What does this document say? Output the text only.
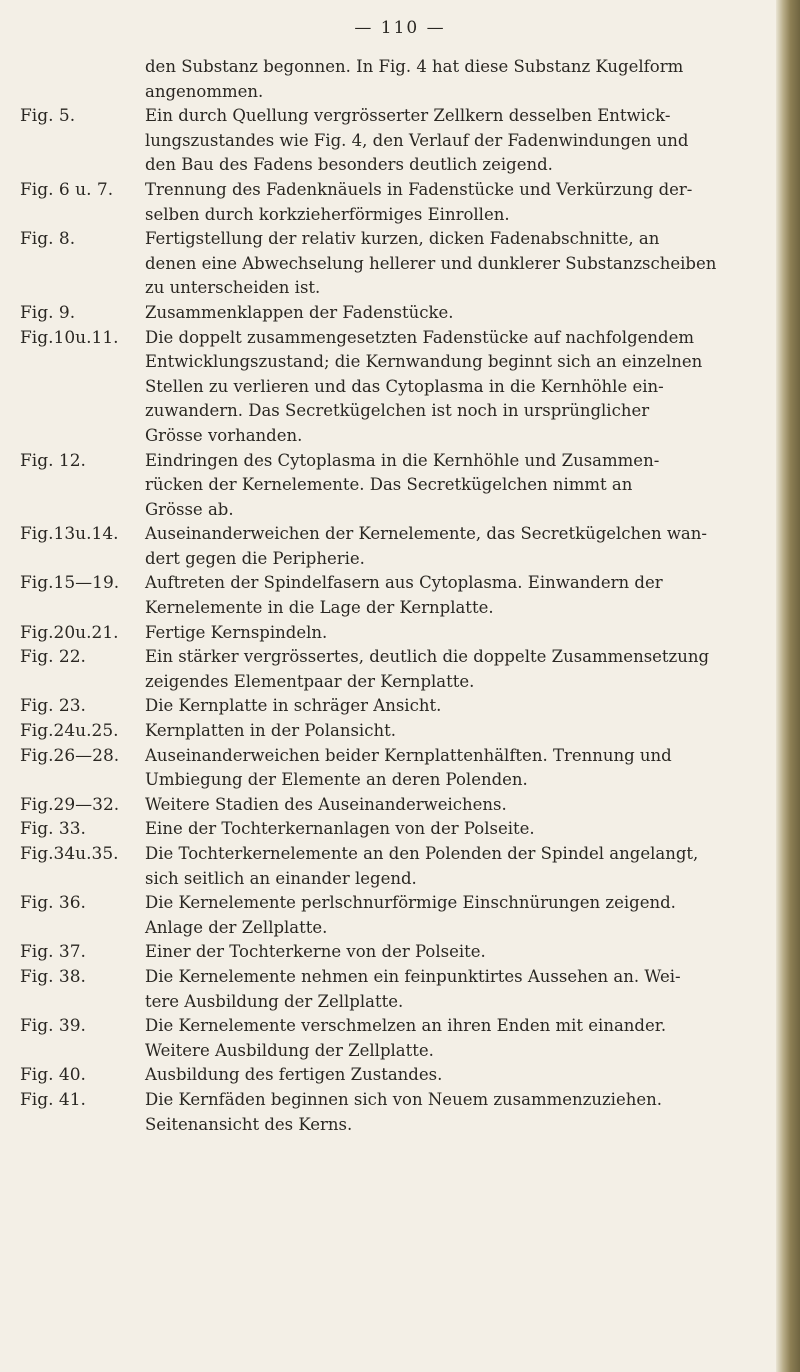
— 110 —
den Substanz begonnen. In Fig. 4 hat diese Substanz Kugelform
angenommen.
Fig. 5.	Ein durch Quellung vergrösserter Zellkern desselben Entwick-
lungszustandes wie Fig. 4, den Verlauf der Fadenwindungen und
den Bau des Fadens besonders deutlich zeigend.
Fig. 6 u. 7.	Trennung des Fadenknäuels in Fadenstücke und Verkürzung der-
selben durch korkzieherförmiges Einrollen.
Fig. 8.	Fertigstellung der relativ kurzen, dicken Fadenabschnitte, an
denen eine Abwechselung hellerer und dunklerer Substanzscheiben
zu unterscheiden ist.
Fig. 9.	Zusammenklappen der Fadenstücke.
Fig.10u.11.	Die doppelt zusammengesetzten Fadenstücke auf nachfolgendem
Entwicklungszustand; die Kernwandung beginnt sich an einzelnen
Stellen zu verlieren und das Cytoplasma in die Kernhöhle ein-
zuwandern. Das Secretkügelchen ist noch in ursprünglicher
Grösse vorhanden.
Fig. 12.	Eindringen des Cytoplasma in die Kernhöhle und Zusammen-
rücken der Kernelemente. Das Secretkügelchen nimmt an
Grösse ab.
Fig.13u.14.	Auseinanderweichen der Kernelemente, das Secretkügelchen wan-
dert gegen die Peripherie.
Fig.15—19.	Auftreten der Spindelfasern aus Cytoplasma. Einwandern der
Kernelemente in die Lage der Kernplatte.
Fig.20u.21.	Fertige Kernspindeln.
Fig. 22.	Ein stärker vergrössertes, deutlich die doppelte Zusammensetzung
zeigendes Elementpaar der Kernplatte.
Fig. 23.	Die Kernplatte in schräger Ansicht.
Fig.24u.25.	Kernplatten in der Polansicht.
Fig.26—28.	Auseinanderweichen beider Kernplattenhälften. Trennung und
Umbiegung der Elemente an deren Polenden.
Fig.29—32.	Weitere Stadien des Auseinanderweichens.
Fig. 33.	Eine der Tochterkernanlagen von der Polseite.
Fig.34u.35.	Die Tochterkernelemente an den Polenden der Spindel angelangt,
sich seitlich an einander legend.
Fig. 36.	Die Kernelemente perlschnurförmige Einschnürungen zeigend.
Anlage der Zellplatte.
Fig. 37.	Einer der Tochterkerne von der Polseite.
Fig. 38.	Die Kernelemente nehmen ein feinpunktirtes Aussehen an. Wei-
tere Ausbildung der Zellplatte.
Fig. 39.	Die Kernelemente verschmelzen an ihren Enden mit einander.
Weitere Ausbildung der Zellplatte.
Fig. 40.	Ausbildung des fertigen Zustandes.
Fig. 41.	Die Kernfäden beginnen sich von Neuem zusammenzuziehen.
Seitenansicht des Kerns.
